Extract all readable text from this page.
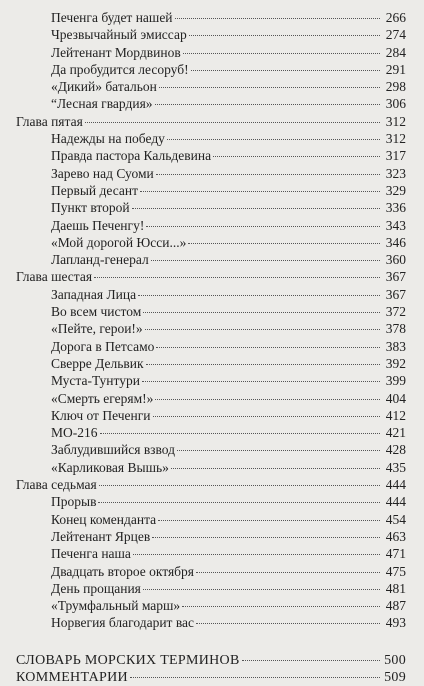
Печенга будет нашей	266
Чрезвычайный эмиссар	274
Лейтенант Мордвинов	284
Да пробудится лесоруб!	291
«Дикий» батальон	298
“Лесная гвардия»	306
Глава пятая	312
Надежды на победу	312
Правда пастора Кальдевина	317
Зарево над Суоми	323
Первый десант	329
Пункт второй	336
Даешь Печенгу!	343
«Мой дорогой Юсси...»	346
Лапланд-генерал	360
Глава шестая	367
Западная Лица	367
Во всем чистом	372
«Пейте, герои!»	378
Дорога в Петсамо	383
Сверре Дельвик	392
Муста-Тунтури	399
«Смерть егерям!»	404
Ключ от Печенги	412
МО-216	421
Заблудившийся взвод	428
«Карликовая Вышь»	435
Глава седьмая	444
Прорыв	444
Конец коменданта	454
Лейтенант Ярцев	463
Печенга наша	471
Двадцать второе октября	475
День прощания	481
«Трумфальный марш»	487
Норвегия благодарит вас	493
СЛОВАРЬ МОРСКИХ ТЕРМИНОВ	500
КОММЕНТАРИИ	509
